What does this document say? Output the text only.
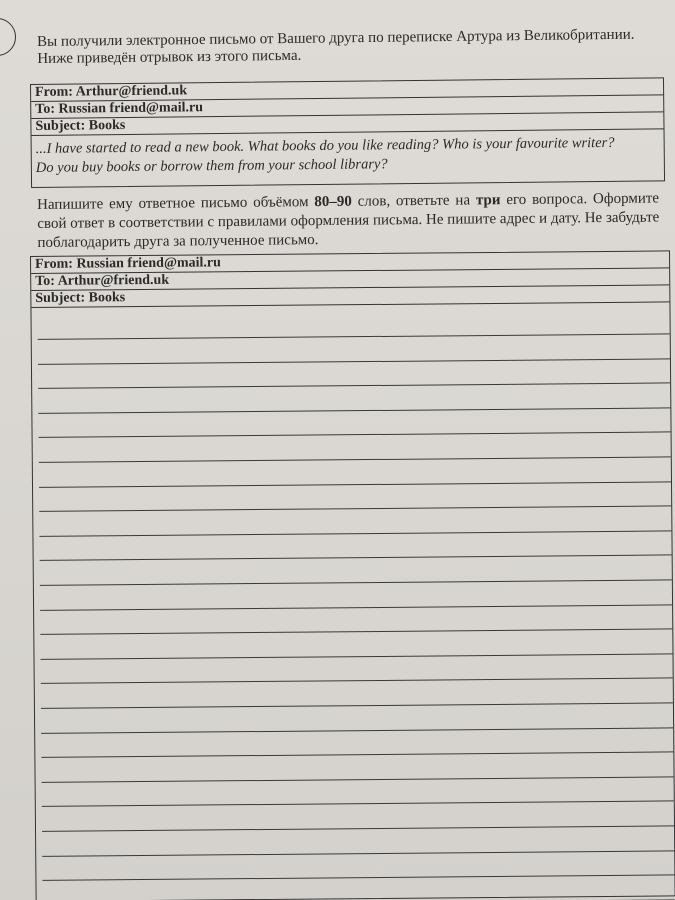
Вы получили электронное письмо от Вашего друга по переписке Артура из Великобритании.
Ниже приведён отрывок из этого письма.
From: Arthur@friend.uk
To: Russian friend@mail.ru
Subject: Books
...I have started to read a new book. What books do you like reading? Who is your favourite writer?
Do you buy books or borrow them from your school library?
Напишите ему ответное письмо объёмом 80–90 слов, ответьте на три его вопроса. Оформите свой ответ в соответствии с правилами оформления письма. Не пишите адрес и дату. Не забудьте поблагодарить друга за полученное письмо.
From: Russian friend@mail.ru
To: Arthur@friend.uk
Subject: Books
